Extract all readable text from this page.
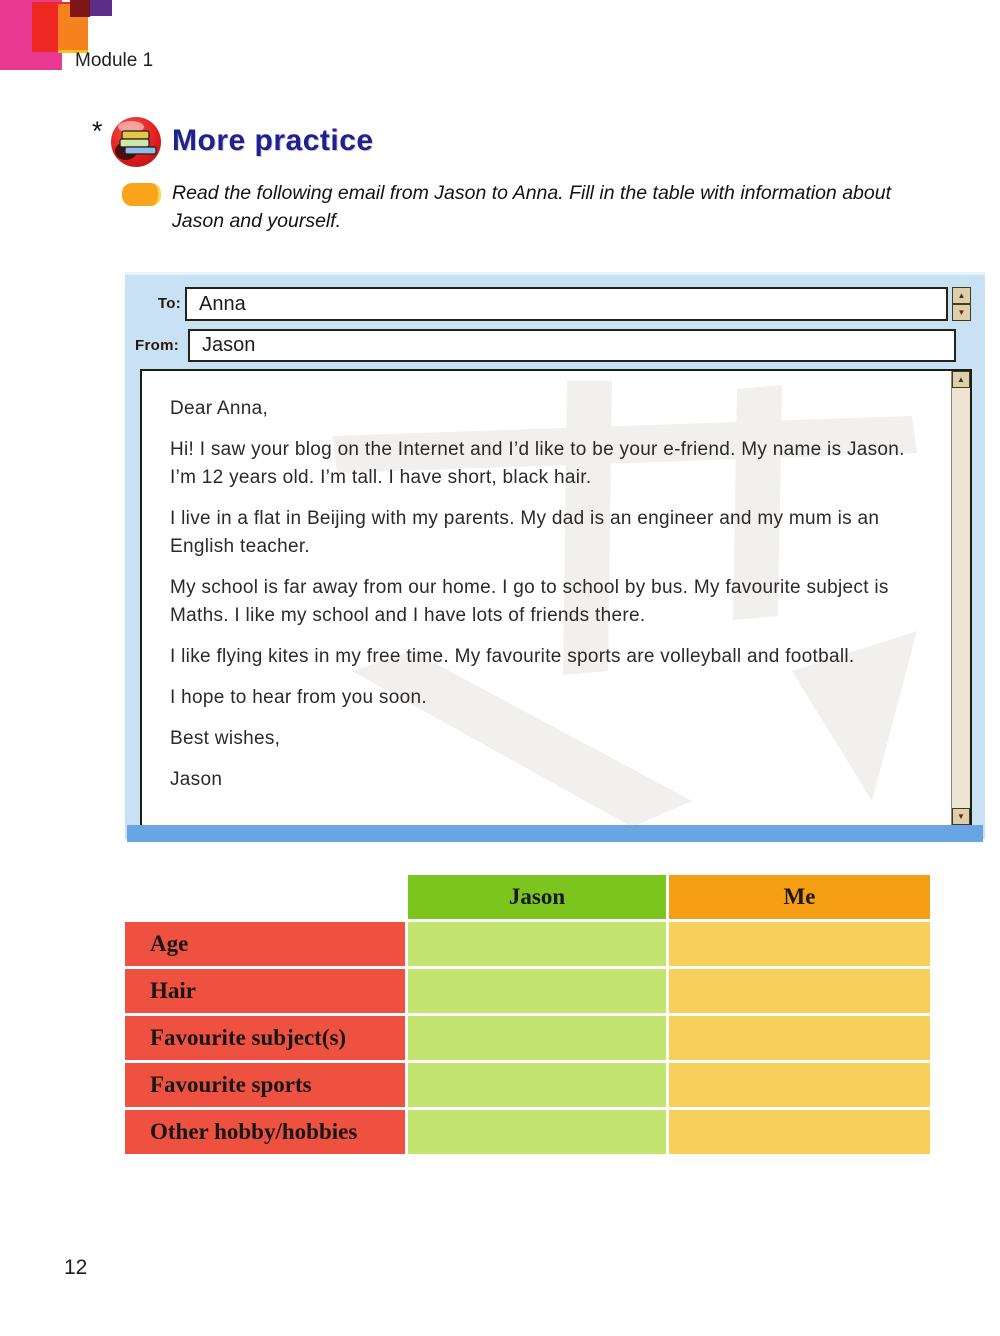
Module 1
* More practice
Read the following email from Jason to Anna. Fill in the table with information about Jason and yourself.
To:
Anna	▲
▼
From:
Jason

Dear Anna,

Hi! I saw your blog on the Internet and I’d like to be your e-friend. My name is Jason. I’m 12 years old. I’m tall. I have short, black hair.

I live in a flat in Beijing with my parents. My dad is an engineer and my mum is an English teacher.

My school is far away from our home. I go to school by bus. My favourite subject is Maths. I like my school and I have lots of friends there.

I like flying kites in my free time. My favourite sports are volleyball and football.

I hope to hear from you soon.

Best wishes,

Jason

▲
▼
Jason	Me
Age
Hair
Favourite subject(s)
Favourite sports
Other hobby/hobbies
12
